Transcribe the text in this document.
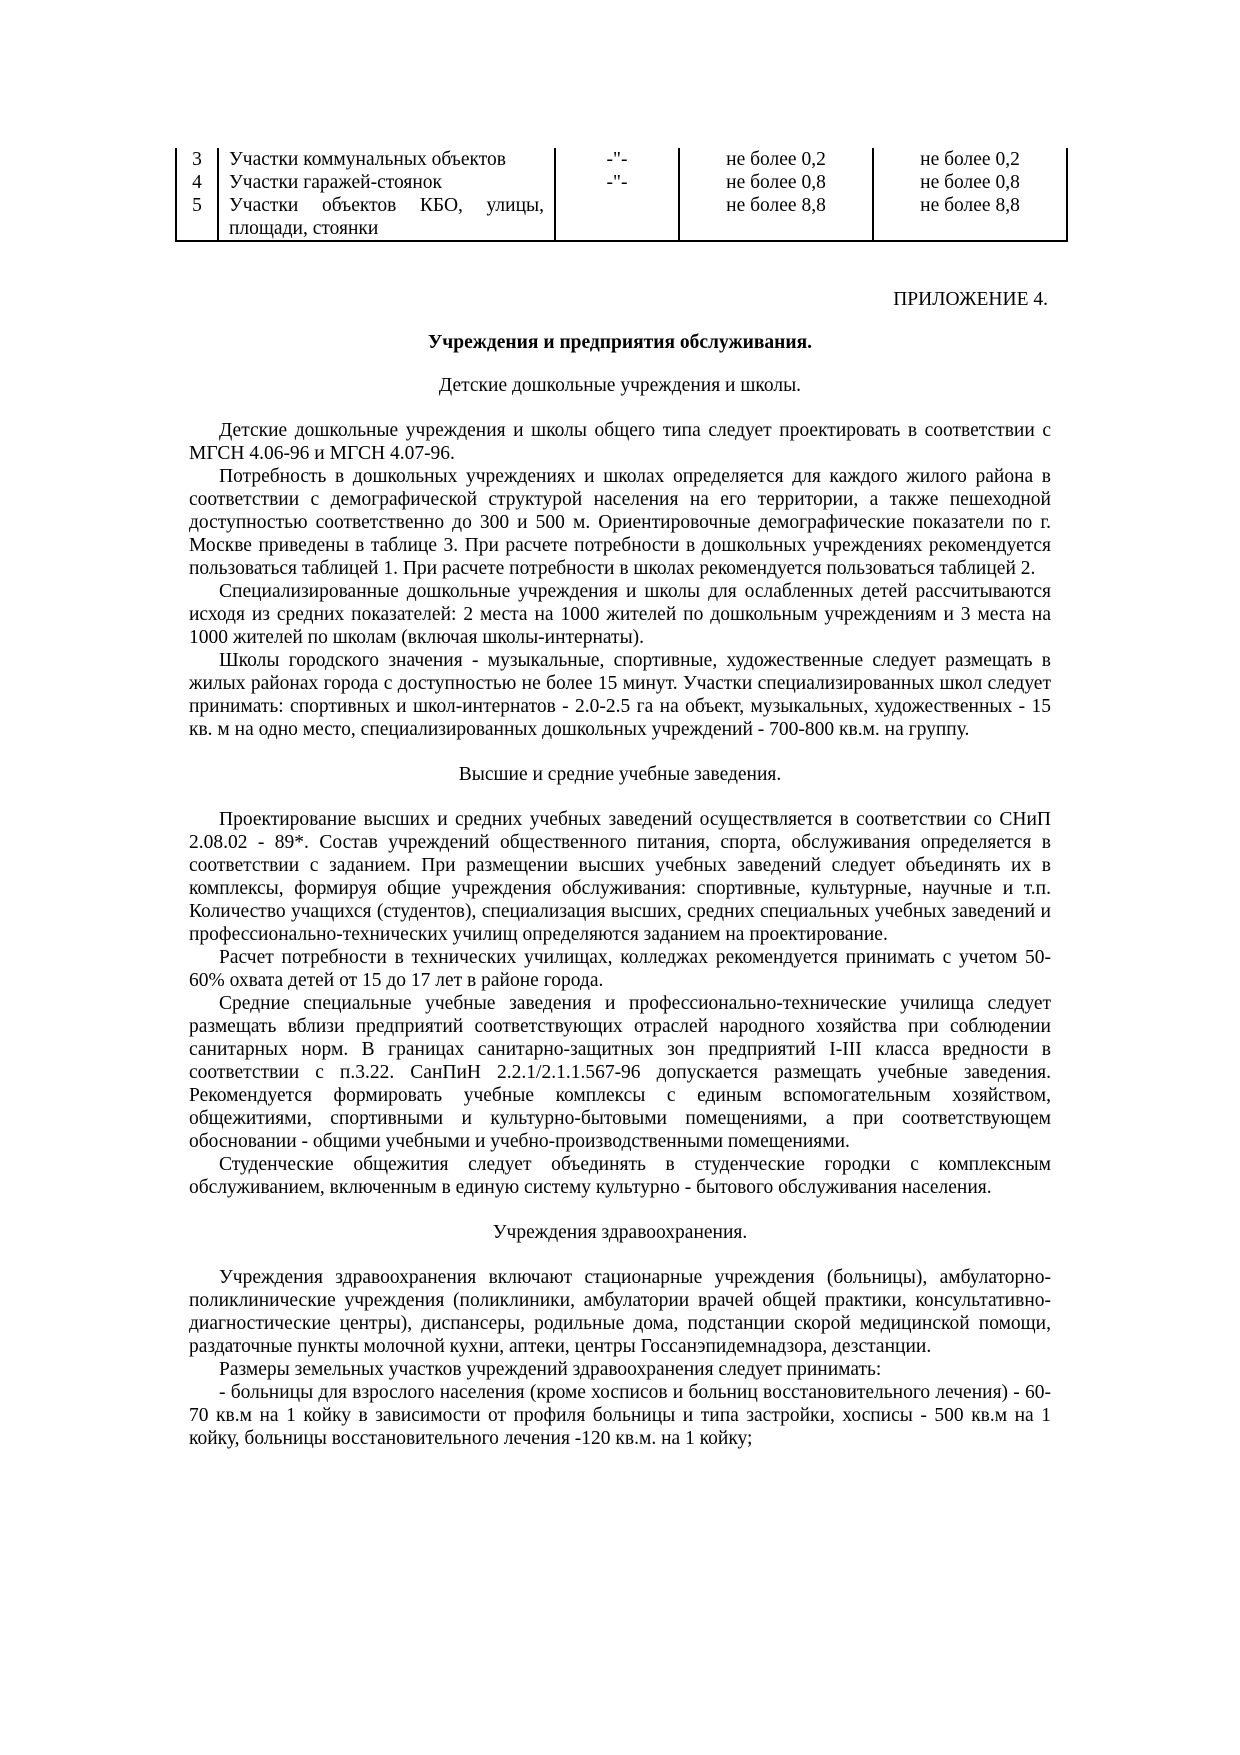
3	Участки коммунальных объектов	-"-	не более 0,2	не более 0,2
4	Участки гаражей-стоянок	-"-	не более 0,8	не более 0,8
5	Участки объектов КБО, улицы, площади, стоянки		не более 8,8	не более 8,8
ПРИЛОЖЕНИЕ 4.
Учреждения и предприятия обслуживания.
Детские дошкольные учреждения и школы.

Детские дошкольные учреждения и школы общего типа следует проектировать в соответствии с МГСН 4.06-96 и МГСН 4.07-96.

Потребность в дошкольных учреждениях и школах определяется для каждого жилого района в соответствии с демографической структурой населения на его территории, а также пешеходной доступностью соответственно до 300 и 500 м. Ориентировочные демографические показатели по г. Москве приведены в таблице 3. При расчете потребности в дошкольных учреждениях рекомендуется пользоваться таблицей 1. При расчете потребности в школах рекомендуется пользоваться таблицей 2.

Специализированные дошкольные учреждения и школы для ослабленных детей рассчитываются исходя из средних показателей: 2 места на 1000 жителей по дошкольным учреждениям и 3 места на 1000 жителей по школам (включая школы-интернаты).

Школы городского значения - музыкальные, спортивные, художественные следует размещать в жилых районах города с доступностью не более 15 минут. Участки специализированных школ следует принимать: спортивных и школ-интернатов - 2.0-2.5 га на объект, музыкальных, художественных - 15 кв. м на одно место, специализированных дошкольных учреждений - 700-800 кв.м. на группу.

Высшие и средние учебные заведения.

Проектирование высших и средних учебных заведений осуществляется в соответствии со СНиП 2.08.02 - 89*. Состав учреждений общественного питания, спорта, обслуживания определяется в соответствии с заданием. При размещении высших учебных заведений следует объединять их в комплексы, формируя общие учреждения обслуживания: спортивные, культурные, научные и т.п. Количество учащихся (студентов), специализация высших, средних специальных учебных заведений и профессионально-технических училищ определяются заданием на проектирование.

Расчет потребности в технических училищах, колледжах рекомендуется принимать с учетом 50-60% охвата детей от 15 до 17 лет в районе города.

Средние специальные учебные заведения и профессионально-технические училища следует размещать вблизи предприятий соответствующих отраслей народного хозяйства при соблюдении санитарных норм. В границах санитарно-защитных зон предприятий I-III класса вредности в соответствии с п.3.22. СанПиН 2.2.1/2.1.1.567-96 допускается размещать учебные заведения. Рекомендуется формировать учебные комплексы с единым вспомогательным хозяйством, общежитиями, спортивными и культурно-бытовыми помещениями, а при соответствующем обосновании - общими учебными и учебно-производственными помещениями.

Студенческие общежития следует объединять в студенческие городки с комплексным обслуживанием, включенным в единую систему культурно - бытового обслуживания населения.

Учреждения здравоохранения.

Учреждения здравоохранения включают стационарные учреждения (больницы), амбулаторно-поликлинические учреждения (поликлиники, амбулатории врачей общей практики, консультативно-диагностические центры), диспансеры, родильные дома, подстанции скорой медицинской помощи, раздаточные пункты молочной кухни, аптеки, центры Госсанэпидемнадзора, дезстанции.

Размеры земельных участков учреждений здравоохранения следует принимать:

- больницы для взрослого населения (кроме хосписов и больниц восстановительного лечения) - 60-70 кв.м на 1 койку в зависимости от профиля больницы и типа застройки, хосписы - 500 кв.м на 1 койку, больницы восстановительного лечения -120 кв.м. на 1 койку;
